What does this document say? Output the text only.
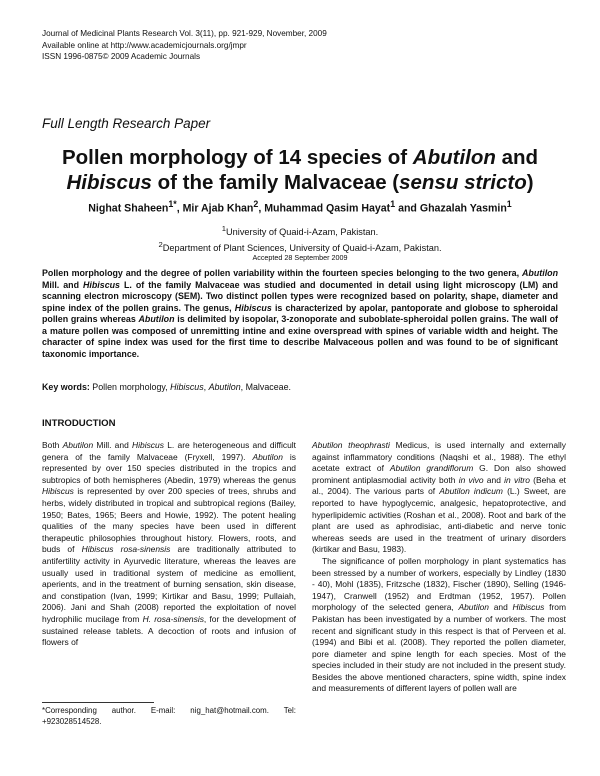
Journal of Medicinal Plants Research Vol. 3(11), pp. 921-929, November, 2009
Available online at http://www.academicjournals.org/jmpr
ISSN 1996-0875© 2009 Academic Journals
Full Length Research Paper
Pollen morphology of 14 species of Abutilon and
Hibiscus of the family Malvaceae (sensu stricto)
Nighat Shaheen$^{1*}$, Mir Ajab Khan$^2$, Muhammad Qasim Hayat$^1$ and Ghazalah Yasmin$^1$
$^1$University of Quaid-i-Azam, Pakistan.
$^2$Department of Plant Sciences, University of Quaid-i-Azam, Pakistan.
Accepted 28 September 2009
Pollen morphology and the degree of pollen variability within the fourteen species belonging to the two genera, Abutilon Mill. and Hibiscus L. of the family Malvaceae was studied and documented in detail using light microscopy (LM) and scanning electron microscopy (SEM). Two distinct pollen types were recognized based on polarity, shape, diameter and spine index of the pollen grains. The genus, Hibiscus is characterized by apolar, pantoporate and globose to spheroidal pollen grains whereas Abutilon is delimited by isopolar, 3-zonoporate and suboblate-spheroidal pollen grains. The wall of a mature pollen was composed of unremitting intine and exine overspread with spines of variable width and height. The character of spine index was used for the first time to describe Malvaceous pollen and was found to be of significant taxonomic importance.
Key words: Pollen morphology, Hibiscus, Abutilon, Malvaceae.
INTRODUCTION

Both Abutilon Mill. and Hibiscus L. are heterogeneous and difficult genera of the family Malvaceae (Fryxell, 1997). Abutilon is represented by over 150 species distributed in the tropics and subtropics of both hemispheres (Abedin, 1979) whereas the genus Hibiscus is represented by over 200 species of trees, shrubs and herbs, widely distributed in tropical and subtropical regions (Bailey, 1950; Bates, 1965; Beers and Howie, 1992). The potent healing qualities of the many species have been used in different therapeutic philosophies throughout history. Flowers, roots, and buds of Hibiscus rosa-sinensis are traditionally attributed to antifertility activity in Ayurvedic literature, whereas the leaves are usually used in traditional system of medicine as emollient, aperients, and in the treatment of burning sensation, skin disease, and constipation (Ivan, 1999; Kirtikar and Basu, 1999; Pullaiah, 2006). Jani and Shah (2008) reported the exploitation of novel hydrophilic mucilage from H. rosa-sinensis, for the development of sustained release tablets. A decoction of roots and infusion of flowers of

Abutilon theophrasti Medicus, is used internally and externally against inflammatory conditions (Naqshi et al., 1988). The ethyl acetate extract of Abutilon grandiflorum G. Don also showed prominent antiplasmodial activity both in vivo and in vitro (Beha et al., 2004). The various parts of Abutilon indicum (L.) Sweet, are reported to have hypoglycemic, analgesic, hepatoprotective, and hyperlipidemic activities (Roshan et al., 2008). Root and bark of the plant are used as aphrodisiac, anti-diabetic and nerve tonic whereas seeds are used in the treatment of urinary disorders (kirtikar and Basu, 1983).

The significance of pollen morphology in plant systematics has been stressed by a number of workers, especially by Lindley (1830 - 40), Mohl (1835), Fritzsche (1832), Fischer (1890), Selling (1946-1947), Cranwell (1952) and Erdtman (1952, 1957). Pollen morphology of the selected genera, Abutilon and Hibiscus from Pakistan has been investigated by a number of workers. The most recent and significant study in this respect is that of Perveen et al. (1994) and Bibi et al. (2008). They reported the pollen diameter, pore diameter and spine length for each species. Most of the species included in their study are not included in the present study. Besides the above mentioned characters, spine width, spine index and measurements of different layers of pollen wall are

*Corresponding author. E-mail: nig_hat@hotmail.com. Tel: +923028514528.
